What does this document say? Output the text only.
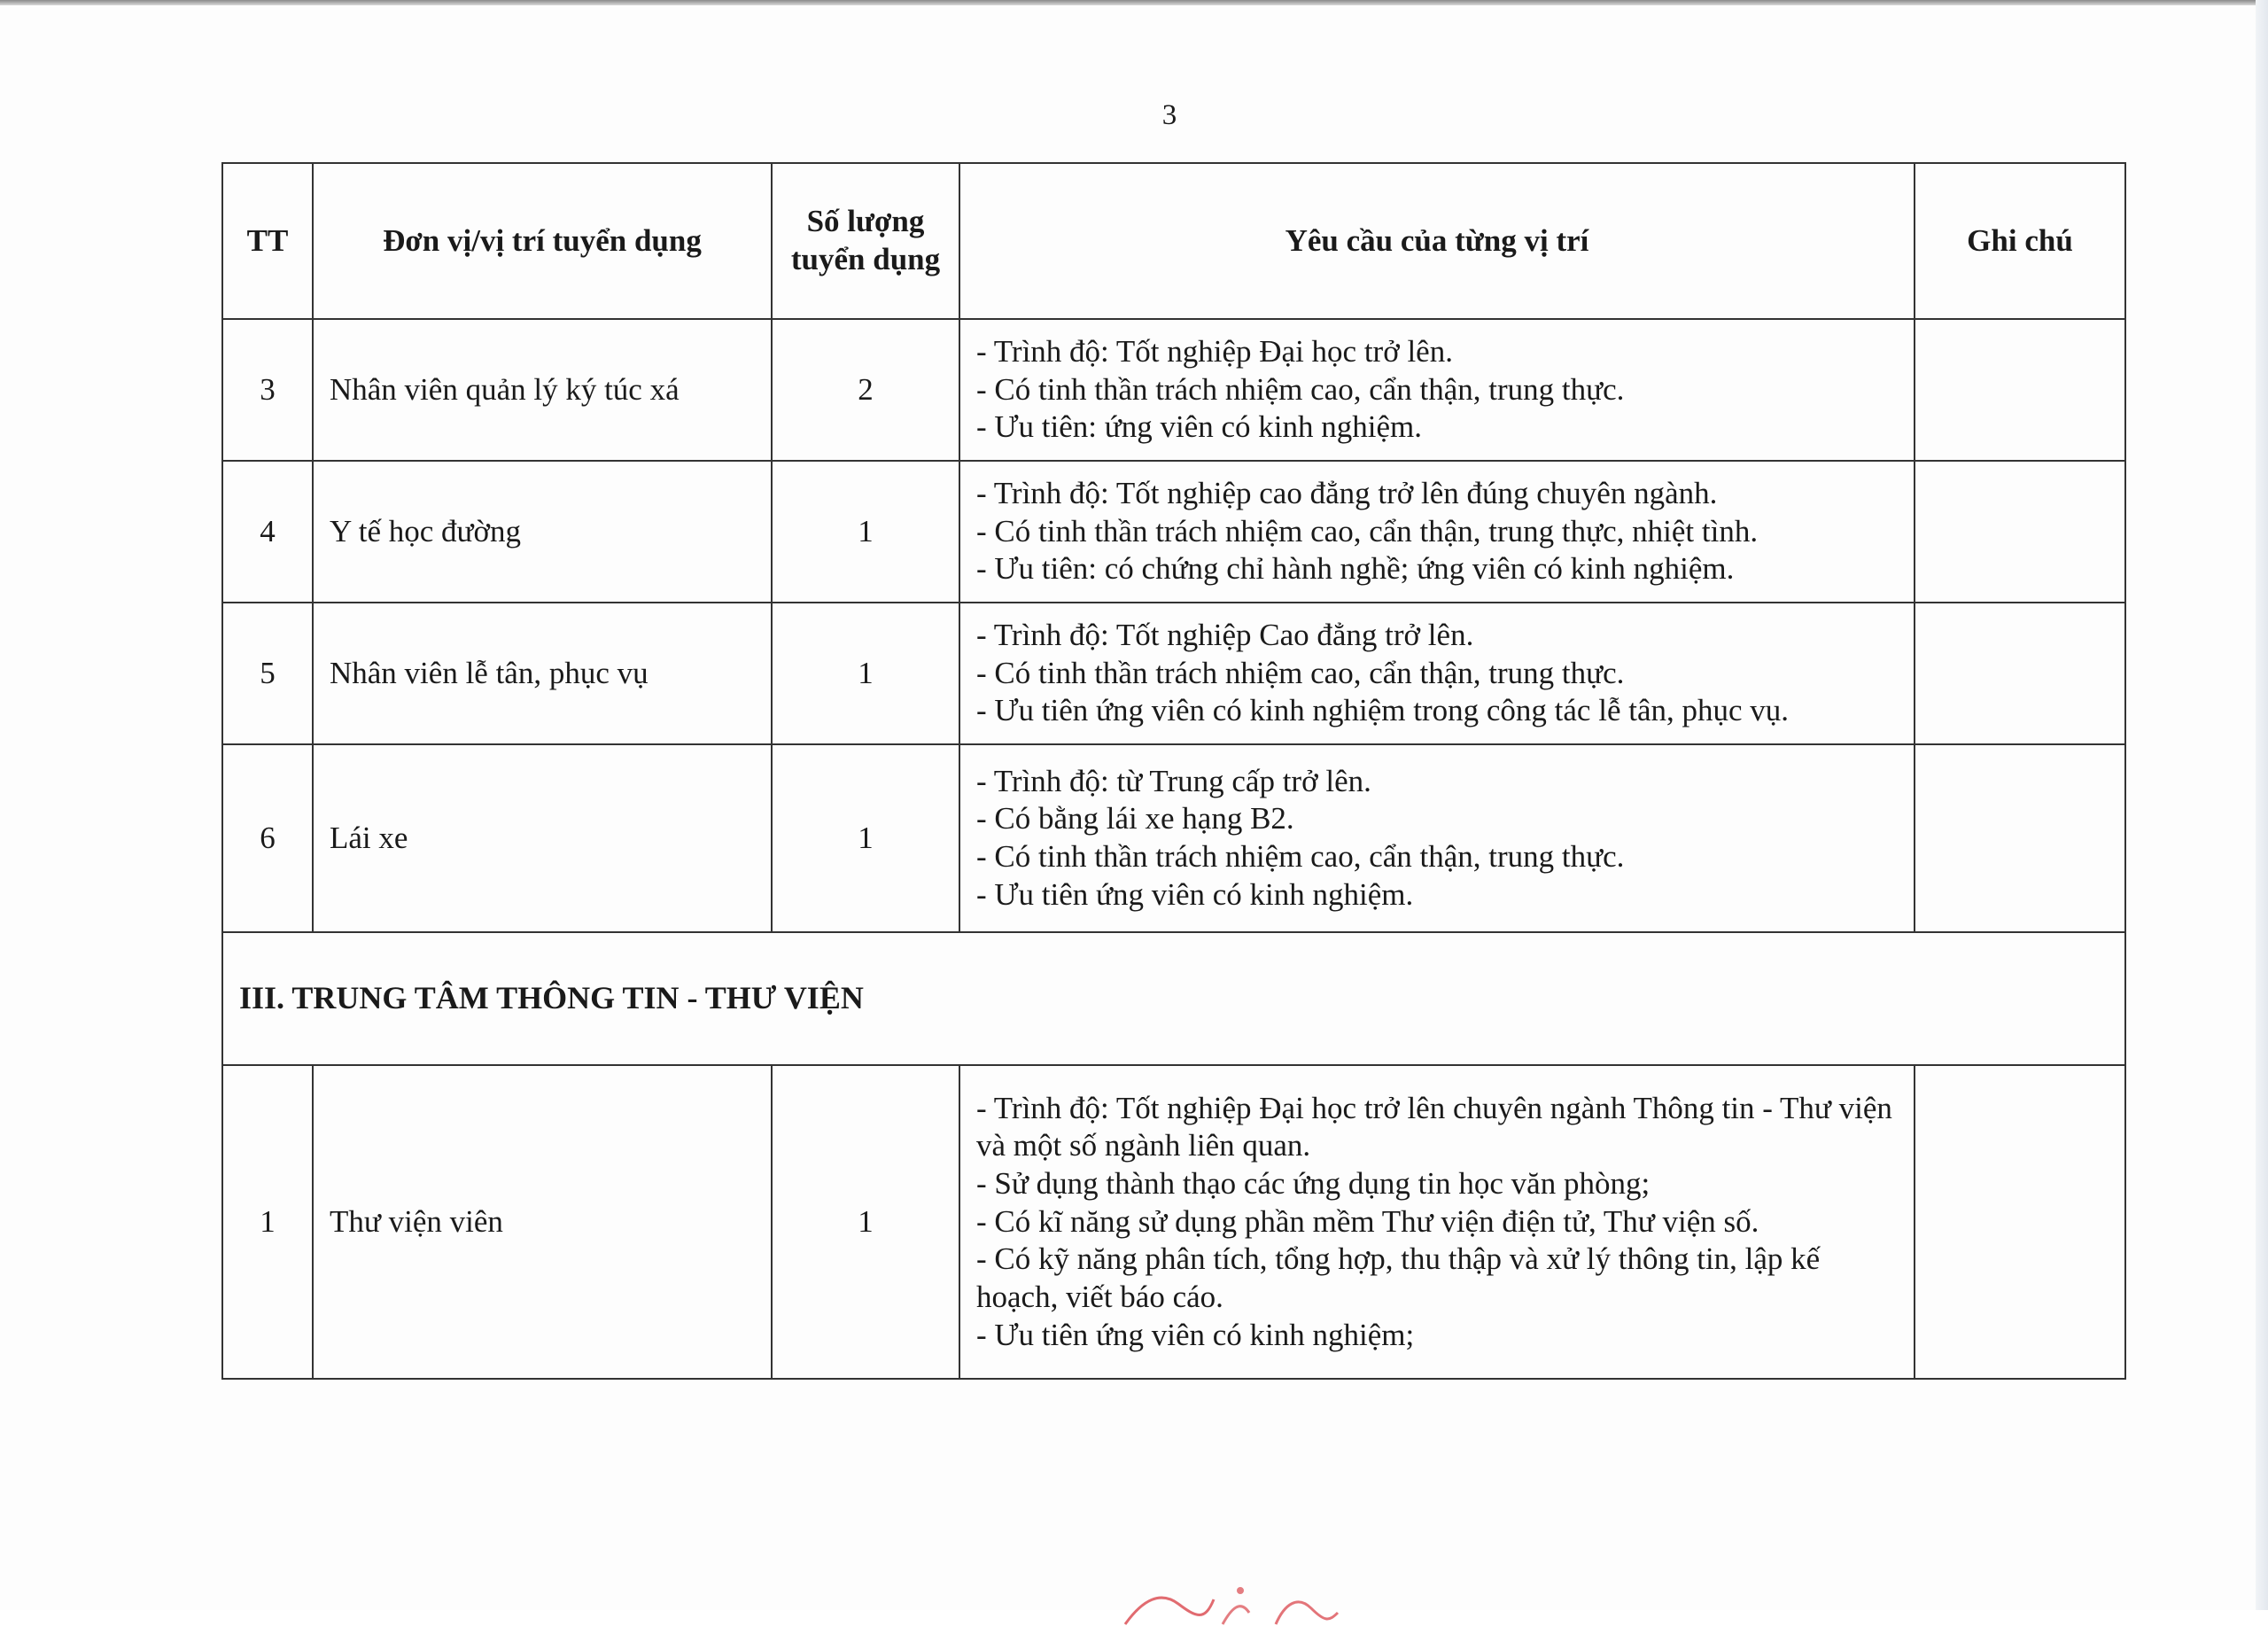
3
TT	Đơn vị/vị trí tuyển dụng	Số lượng tuyển dụng	Yêu cầu của từng vị trí	Ghi chú
3	Nhân viên quản lý ký túc xá	2	- Trình độ: Tốt nghiệp Đại học trở lên.
- Có tinh thần trách nhiệm cao, cẩn thận, trung thực.
- Ưu tiên: ứng viên có kinh nghiệm.	

4	Y tế học đường	1	- Trình độ: Tốt nghiệp cao đẳng trở lên đúng chuyên ngành.
- Có tinh thần trách nhiệm cao, cẩn thận, trung thực, nhiệt tình.
- Ưu tiên: có chứng chỉ hành nghề; ứng viên có kinh nghiệm.	

5	Nhân viên lễ tân, phục vụ	1	- Trình độ: Tốt nghiệp Cao đẳng trở lên.
- Có tinh thần trách nhiệm cao, cẩn thận, trung thực.
- Ưu tiên ứng viên có kinh nghiệm trong công tác lễ tân, phục vụ.	

6	Lái xe	1	- Trình độ: từ Trung cấp trở lên.
- Có bằng lái xe hạng B2.
- Có tinh thần trách nhiệm cao, cẩn thận, trung thực.
- Ưu tiên ứng viên có kinh nghiệm.	

III. TRUNG TÂM THÔNG TIN - THƯ VIỆN				
1	Thư viện viên	1	- Trình độ: Tốt nghiệp Đại học trở lên chuyên ngành Thông tin - Thư viện và một số ngành liên quan.
- Sử dụng thành thạo các ứng dụng tin học văn phòng;
- Có kĩ năng sử dụng phần mềm Thư viện điện tử, Thư viện số.
- Có kỹ năng phân tích, tổng hợp, thu thập và xử lý thông tin, lập kế hoạch, viết báo cáo.
- Ưu tiên ứng viên có kinh nghiệm;	
